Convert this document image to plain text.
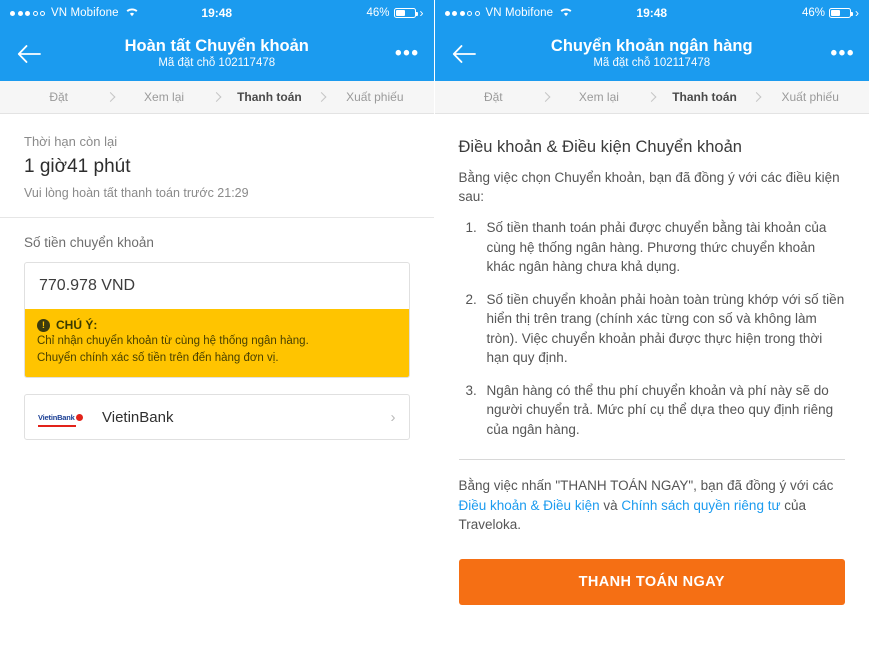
VN Mobifone	19:48	46%	›
Hoàn tất Chuyển khoản
Mã đặt chỗ 102117478	•••
Đặt	Xem lại	Thanh toán	Xuất phiếu
Thời hạn còn lại
1 giờ41 phút
Vui lòng hoàn tất thanh toán trước 21:29
Số tiền chuyển khoản
770.978 VND
! CHÚ Ý:
Chỉ nhận chuyển khoản từ cùng hệ thống ngân hàng.
Chuyển chính xác số tiền trên đến hàng đơn vị.
VietinBank VietinBank	›
VN Mobifone	19:48	46%	›
Chuyển khoản ngân hàng
Mã đặt chỗ 102117478	•••
Đặt	Xem lại	Thanh toán	Xuất phiếu
Điều khoản & Điều kiện Chuyển khoản
Bằng việc chọn Chuyển khoản, bạn đã đồng ý với các điều kiện sau:
1. Số tiền thanh toán phải được chuyển bằng tài khoản của cùng hệ thống ngân hàng. Phương thức chuyển khoản khác ngân hàng chưa khả dụng.
2. Số tiền chuyển khoản phải hoàn toàn trùng khớp với số tiền hiển thị trên trang (chính xác từng con số và không làm tròn). Việc chuyển khoản phải được thực hiện trong thời hạn quy định.
3. Ngân hàng có thể thu phí chuyển khoản và phí này sẽ do người chuyển trả. Mức phí cụ thể dựa theo quy định riêng của ngân hàng.
Bằng việc nhấn "THANH TOÁN NGAY", bạn đã đồng ý với các Điều khoản & Điều kiện và Chính sách quyền riêng tư của Traveloka.
THANH TOÁN NGAY
